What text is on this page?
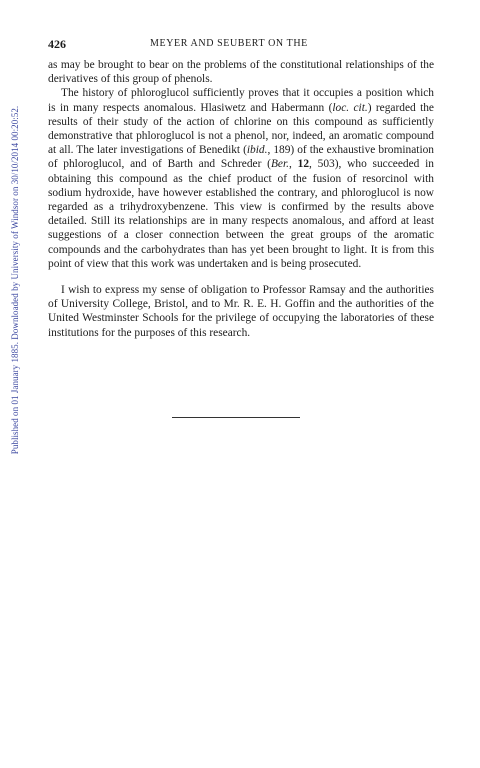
Published on 01 January 1885. Downloaded by University of Windsor on 30/10/2014 00:20:52.
426	MEYER AND SEUBERT ON THE

as may be brought to bear on the problems of the constitutional relationships of the derivatives of this group of phenols.

The history of phloroglucol sufficiently proves that it occupies a position which is in many respects anomalous. Hlasiwetz and Habermann (loc. cit.) regarded the results of their study of the action of chlorine on this compound as sufficiently demonstrative that phloroglucol is not a phenol, nor, indeed, an aromatic compound at all. The later investigations of Benedikt (ibid., 189) of the exhaustive bromination of phloroglucol, and of Barth and Schreder (Ber., 12, 503), who succeeded in obtaining this compound as the chief product of the fusion of resorcinol with sodium hydroxide, have however established the contrary, and phloroglucol is now regarded as a trihydroxybenzene. This view is confirmed by the results above detailed. Still its relationships are in many respects anomalous, and afford at least suggestions of a closer connection between the great groups of the aromatic compounds and the carbohydrates than has yet been brought to light. It is from this point of view that this work was undertaken and is being prosecuted.

I wish to express my sense of obligation to Professor Ramsay and the authorities of University College, Bristol, and to Mr. R. E. H. Goffin and the authorities of the United Westminster Schools for the privilege of occupying the laboratories of these institutions for the purposes of this research.
